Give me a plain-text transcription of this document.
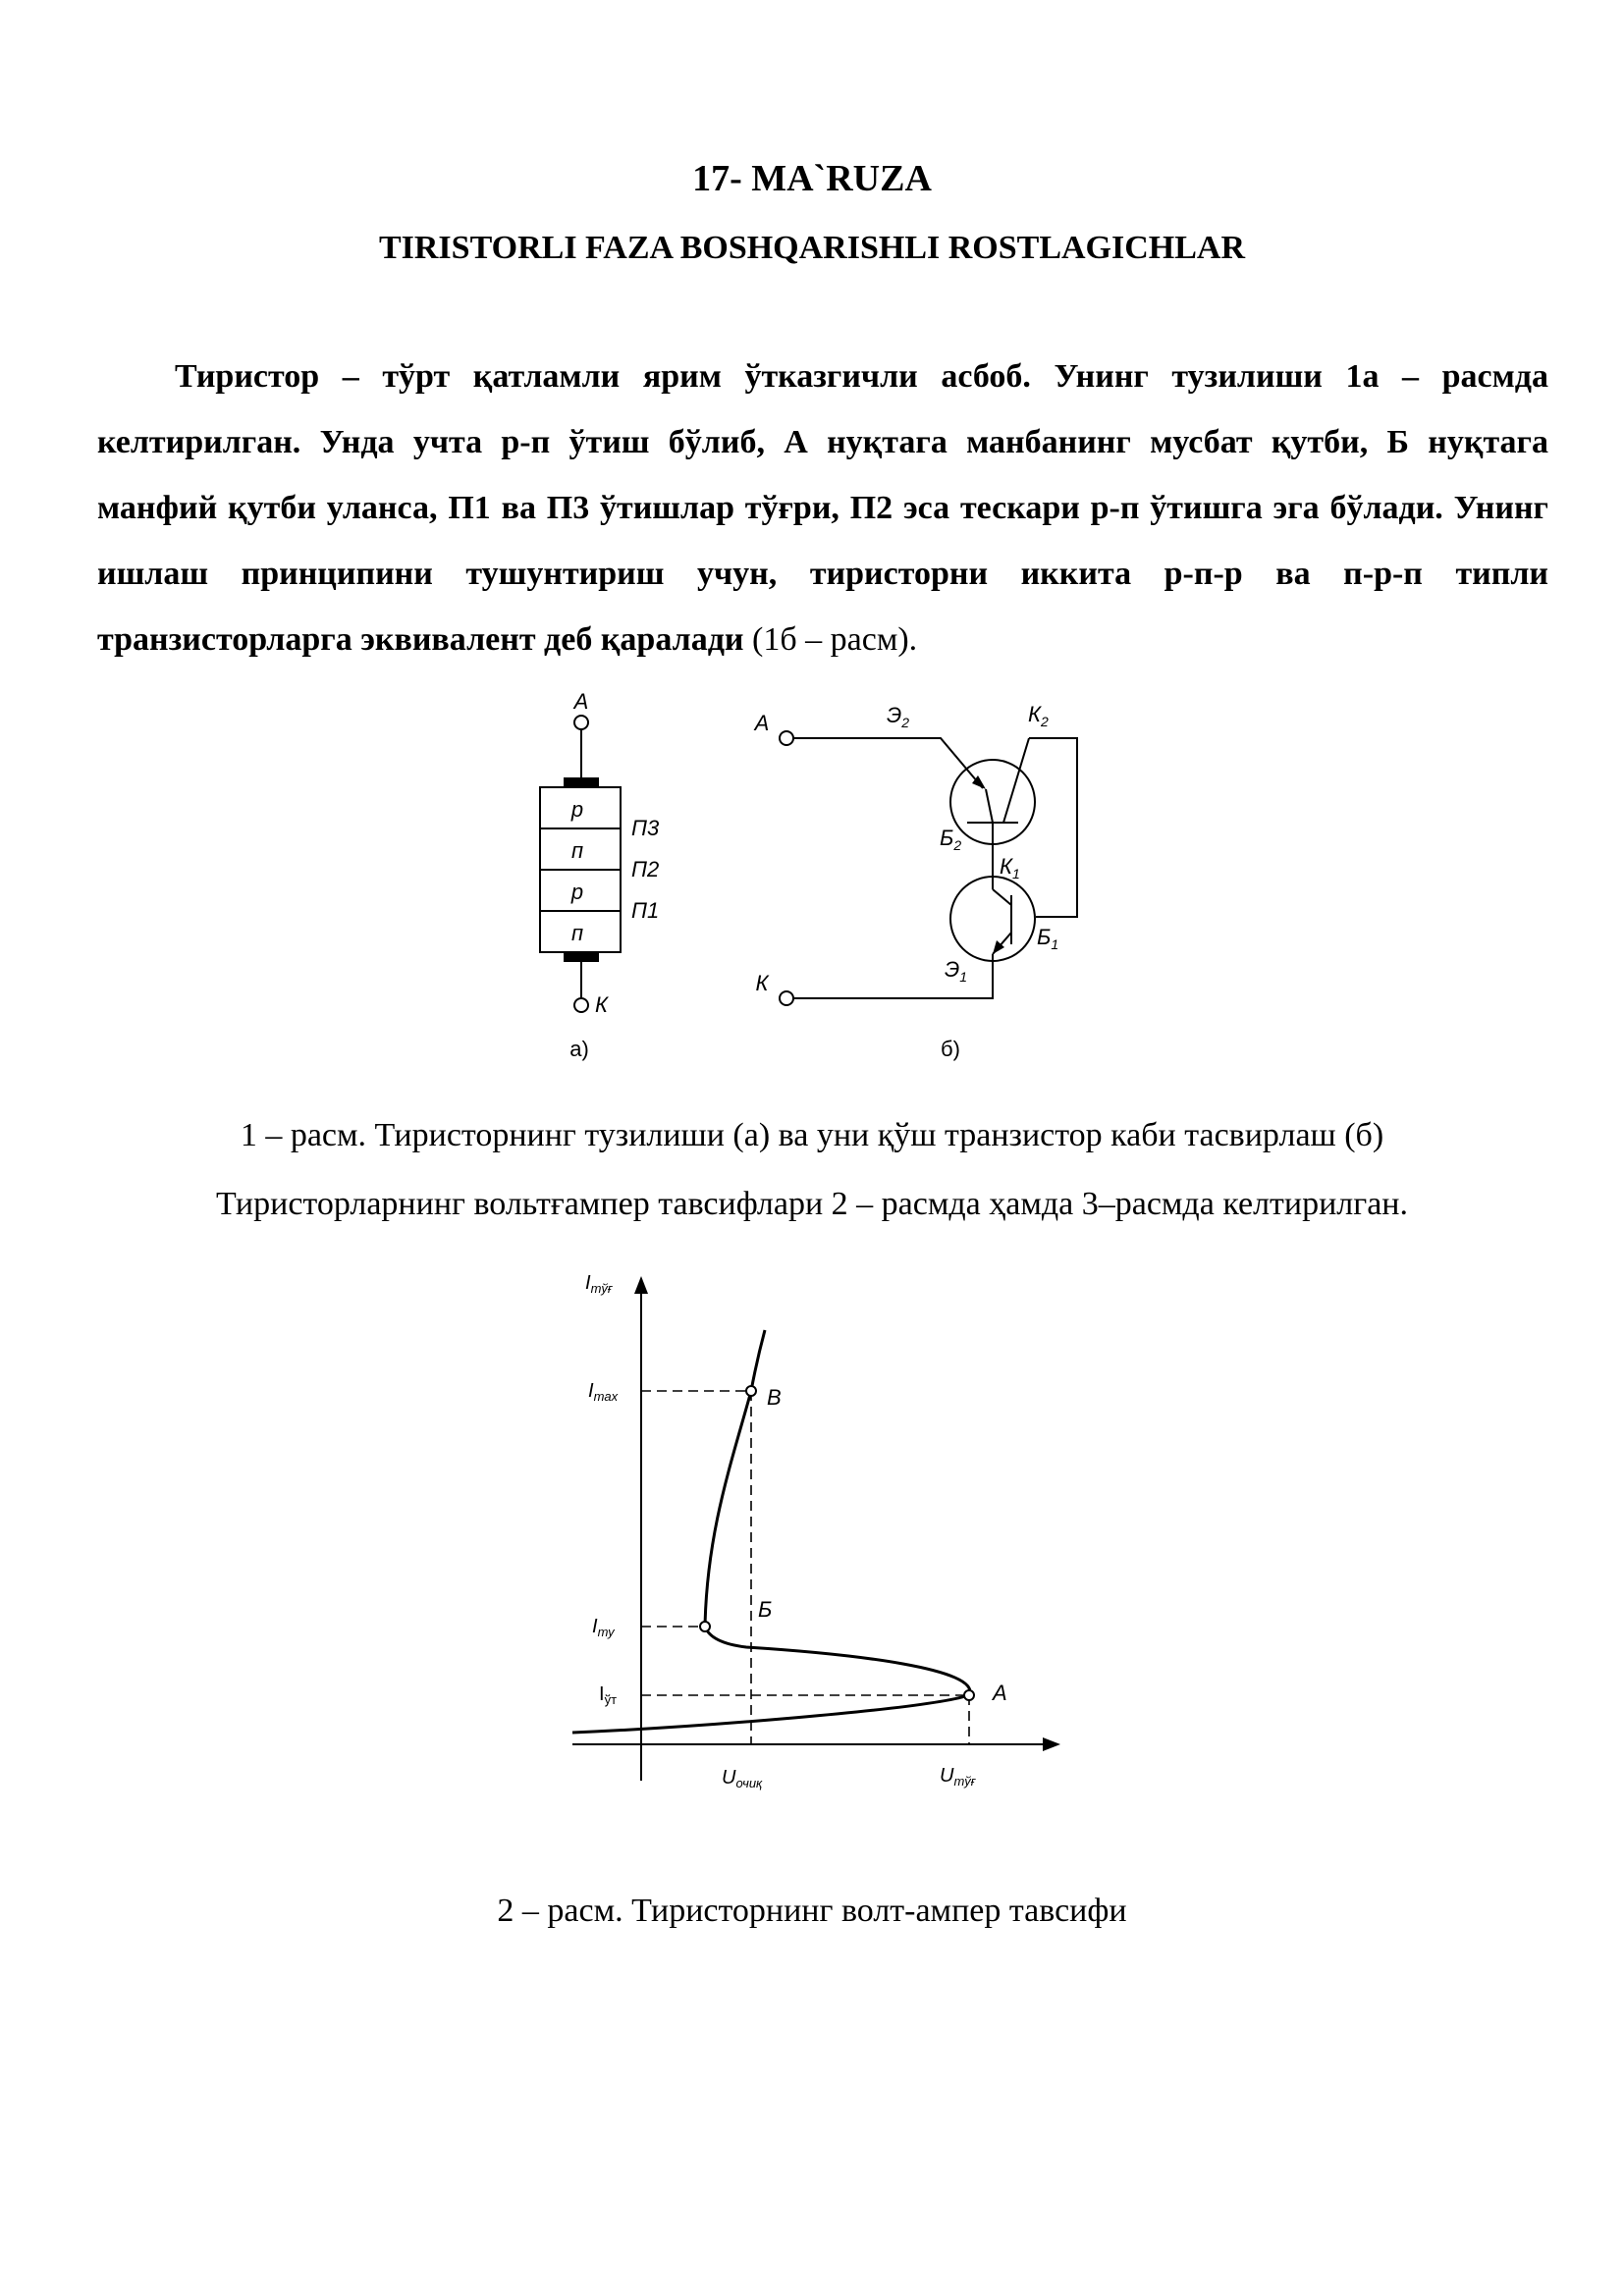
17- MA`RUZA
TIRISTORLI FAZA BOSHQARISHLI ROSTLAGICHLAR

Тиристор – тўрт қатламли ярим ўтказгичли асбоб. Унинг тузилиши 1а – расмда келтирилган. Унда учта р-п ўтиш бўлиб, А нуқтага манбанинг мусбат қутби, Б нуқтага манфий қутби уланса, П1 ва П3 ўтишлар тўғри, П2 эса тескари р-п ўтишга эга бўлади. Унинг ишлаш принципини тушунтириш учун, тиристорни иккита р-п-р ва п-р-п типли транзисторларга эквивалент деб қаралади (1б – расм).

А
р
п
р
п
П3
П2
П1
К
а)
А	$Э_2$	$К_2$
$Б_2$
$К_1$
$Б_1$
$Э_1$
К
б)

1 – расм. Тиристорнинг тузилиши (а) ва уни қўш транзистор каби тасвирлаш (б)

Тиристорларнинг вольтғампер тавсифлари 2 – расмда ҳамда 3–расмда келтирилган.

$I_{тўғ}$
$I_{max}$
$I_{ту}$
$I_{ўт}$
B
Б
А
$U_{очиқ}$	$U_{тўғ}$

2 – расм. Тиристорнинг волт-ампер тавсифи
